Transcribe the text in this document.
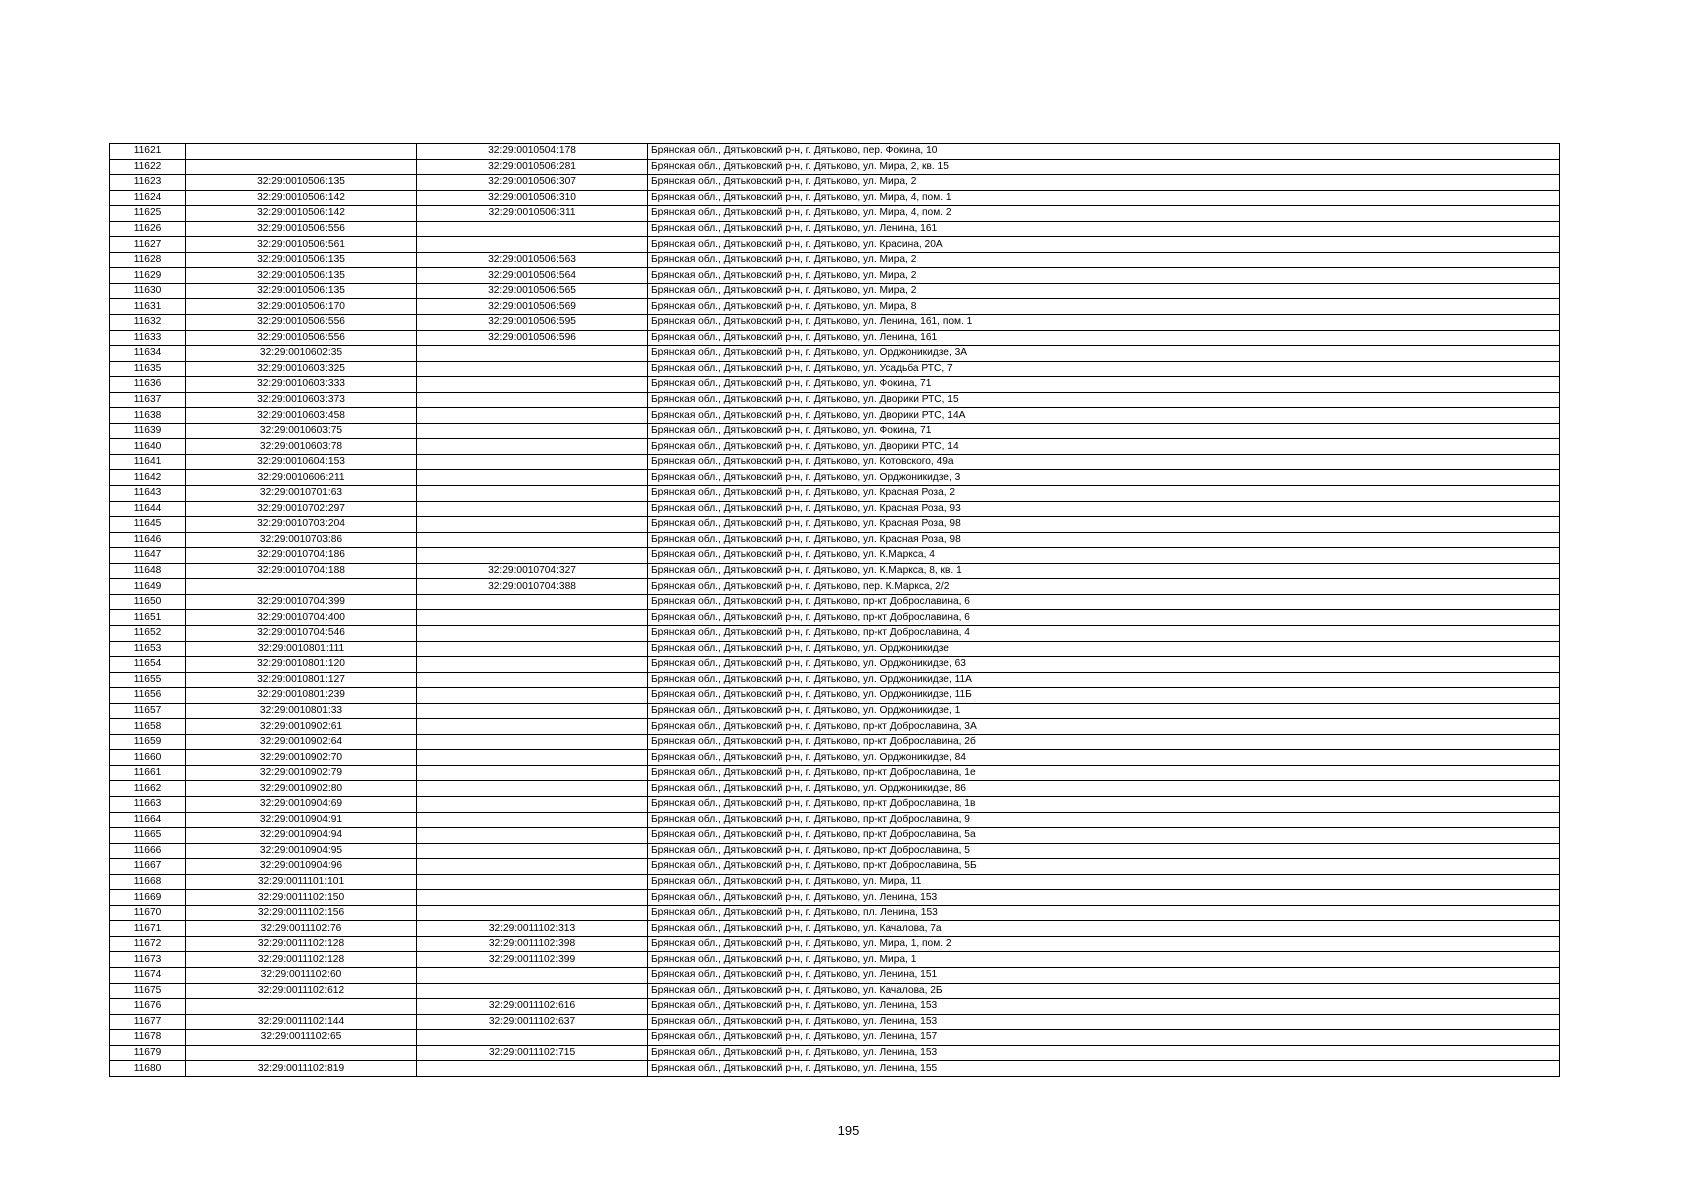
11621		32:29:0010504:178	Брянская обл., Дятьковский р-н, г. Дятьково, пер. Фокина, 10
11622		32:29:0010506:281	Брянская обл., Дятьковский р-н, г. Дятьково, ул. Мира, 2, кв. 15
11623	32:29:0010506:135	32:29:0010506:307	Брянская обл., Дятьковский р-н, г. Дятьково, ул. Мира, 2
11624	32:29:0010506:142	32:29:0010506:310	Брянская обл., Дятьковский р-н, г. Дятьково, ул. Мира, 4, пом. 1
11625	32:29:0010506:142	32:29:0010506:311	Брянская обл., Дятьковский р-н, г. Дятьково, ул. Мира, 4, пом. 2
11626	32:29:0010506:556		Брянская обл., Дятьковский р-н, г. Дятьково, ул. Ленина, 161
11627	32:29:0010506:561		Брянская обл., Дятьковский р-н, г. Дятьково, ул. Красина, 20А
11628	32:29:0010506:135	32:29:0010506:563	Брянская обл., Дятьковский р-н, г. Дятьково, ул. Мира, 2
11629	32:29:0010506:135	32:29:0010506:564	Брянская обл., Дятьковский р-н, г. Дятьково, ул. Мира, 2
11630	32:29:0010506:135	32:29:0010506:565	Брянская обл., Дятьковский р-н, г. Дятьково, ул. Мира, 2
11631	32:29:0010506:170	32:29:0010506:569	Брянская обл., Дятьковский р-н, г. Дятьково, ул. Мира, 8
11632	32:29:0010506:556	32:29:0010506:595	Брянская обл., Дятьковский р-н, г. Дятьково, ул. Ленина, 161, пом. 1
11633	32:29:0010506:556	32:29:0010506:596	Брянская обл., Дятьковский р-н, г. Дятьково, ул. Ленина, 161
11634	32:29:0010602:35		Брянская обл., Дятьковский р-н, г. Дятьково, ул. Орджоникидзе, 3А
11635	32:29:0010603:325		Брянская обл., Дятьковский р-н, г. Дятьково, ул. Усадьба РТС, 7
11636	32:29:0010603:333		Брянская обл., Дятьковский р-н, г. Дятьково, ул. Фокина, 71
11637	32:29:0010603:373		Брянская обл., Дятьковский р-н, г. Дятьково, ул. Дворики РТС, 15
11638	32:29:0010603:458		Брянская обл., Дятьковский р-н, г. Дятьково, ул. Дворики РТС, 14А
11639	32:29:0010603:75		Брянская обл., Дятьковский р-н, г. Дятьково, ул. Фокина, 71
11640	32:29:0010603:78		Брянская обл., Дятьковский р-н, г. Дятьково, ул. Дворики РТС, 14
11641	32:29:0010604:153		Брянская обл., Дятьковский р-н, г. Дятьково, ул. Котовского, 49а
11642	32:29:0010606:211		Брянская обл., Дятьковский р-н, г. Дятьково, ул. Орджоникидзе, 3
11643	32:29:0010701:63		Брянская обл., Дятьковский р-н, г. Дятьково, ул. Красная Роза, 2
11644	32:29:0010702:297		Брянская обл., Дятьковский р-н, г. Дятьково, ул. Красная Роза, 93
11645	32:29:0010703:204		Брянская обл., Дятьковский р-н, г. Дятьково, ул. Красная Роза, 98
11646	32:29:0010703:86		Брянская обл., Дятьковский р-н, г. Дятьково, ул. Красная Роза, 98
11647	32:29:0010704:186		Брянская обл., Дятьковский р-н, г. Дятьково, ул. К.Маркса, 4
11648	32:29:0010704:188	32:29:0010704:327	Брянская обл., Дятьковский р-н, г. Дятьково, ул. К.Маркса, 8, кв. 1
11649		32:29:0010704:388	Брянская обл., Дятьковский р-н, г. Дятьково, пер. К.Маркса, 2/2
11650	32:29:0010704:399		Брянская обл., Дятьковский р-н, г. Дятьково, пр-кт Доброславина, 6
11651	32:29:0010704:400		Брянская обл., Дятьковский р-н, г. Дятьково, пр-кт Доброславина, 6
11652	32:29:0010704:546		Брянская обл., Дятьковский р-н, г. Дятьково, пр-кт Доброславина, 4
11653	32:29:0010801:111		Брянская обл., Дятьковский р-н, г. Дятьково, ул. Орджоникидзе
11654	32:29:0010801:120		Брянская обл., Дятьковский р-н, г. Дятьково, ул. Орджоникидзе, 63
11655	32:29:0010801:127		Брянская обл., Дятьковский р-н, г. Дятьково, ул. Орджоникидзе, 11А
11656	32:29:0010801:239		Брянская обл., Дятьковский р-н, г. Дятьково, ул. Орджоникидзе, 11Б
11657	32:29:0010801:33		Брянская обл., Дятьковский р-н, г. Дятьково, ул. Орджоникидзе, 1
11658	32:29:0010902:61		Брянская обл., Дятьковский р-н, г. Дятьково, пр-кт Доброславина, 3А
11659	32:29:0010902:64		Брянская обл., Дятьковский р-н, г. Дятьково, пр-кт Доброславина, 2б
11660	32:29:0010902:70		Брянская обл., Дятьковский р-н, г. Дятьково, ул. Орджоникидзе, 84
11661	32:29:0010902:79		Брянская обл., Дятьковский р-н, г. Дятьково, пр-кт Доброславина, 1е
11662	32:29:0010902:80		Брянская обл., Дятьковский р-н, г. Дятьково, ул. Орджоникидзе, 86
11663	32:29:0010904:69		Брянская обл., Дятьковский р-н, г. Дятьково, пр-кт Доброславина, 1в
11664	32:29:0010904:91		Брянская обл., Дятьковский р-н, г. Дятьково, пр-кт Доброславина, 9
11665	32:29:0010904:94		Брянская обл., Дятьковский р-н, г. Дятьково, пр-кт Доброславина, 5а
11666	32:29:0010904:95		Брянская обл., Дятьковский р-н, г. Дятьково, пр-кт Доброславина, 5
11667	32:29:0010904:96		Брянская обл., Дятьковский р-н, г. Дятьково, пр-кт Доброславина, 5Б
11668	32:29:0011101:101		Брянская обл., Дятьковский р-н, г. Дятьково, ул. Мира, 11
11669	32:29:0011102:150		Брянская обл., Дятьковский р-н, г. Дятьково, ул. Ленина, 153
11670	32:29:0011102:156		Брянская обл., Дятьковский р-н, г. Дятьково, пл. Ленина, 153
11671	32:29:0011102:76	32:29:0011102:313	Брянская обл., Дятьковский р-н, г. Дятьково, ул. Качалова, 7а
11672	32:29:0011102:128	32:29:0011102:398	Брянская обл., Дятьковский р-н, г. Дятьково, ул. Мира, 1, пом. 2
11673	32:29:0011102:128	32:29:0011102:399	Брянская обл., Дятьковский р-н, г. Дятьково, ул. Мира, 1
11674	32:29:0011102:60		Брянская обл., Дятьковский р-н, г. Дятьково, ул. Ленина, 151
11675	32:29:0011102:612		Брянская обл., Дятьковский р-н, г. Дятьково, ул. Качалова, 2Б
11676		32:29:0011102:616	Брянская обл., Дятьковский р-н, г. Дятьково, ул. Ленина, 153
11677	32:29:0011102:144	32:29:0011102:637	Брянская обл., Дятьковский р-н, г. Дятьково, ул. Ленина, 153
11678	32:29:0011102:65		Брянская обл., Дятьковский р-н, г. Дятьково, ул. Ленина, 157
11679		32:29:0011102:715	Брянская обл., Дятьковский р-н, г. Дятьково, ул. Ленина, 153
11680	32:29:0011102:819		Брянская обл., Дятьковский р-н, г. Дятьково, ул. Ленина, 155
195
